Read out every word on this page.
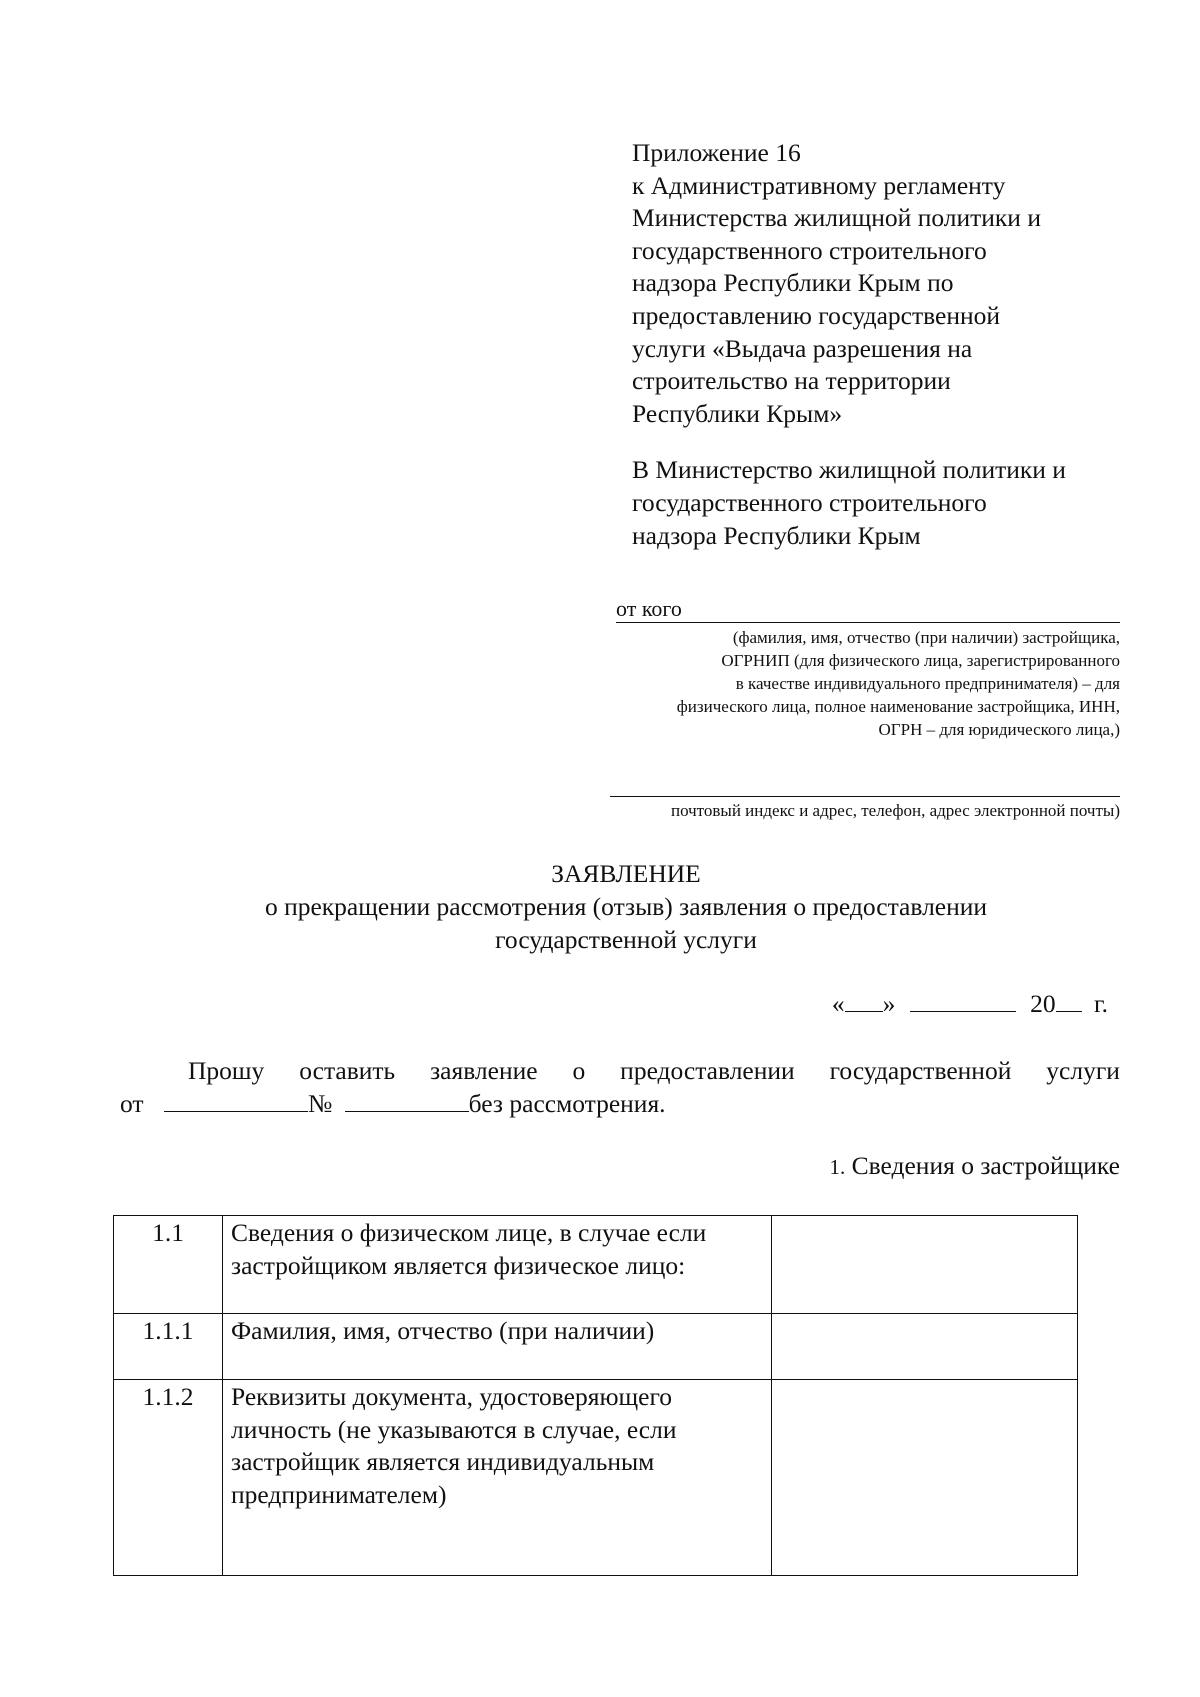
Приложение 16
к Административному регламенту
Министерства жилищной политики и
государственного строительного
надзора Республики Крым по
предоставлению государственной
услуги «Выдача разрешения на
строительство на территории
Республики Крым»
В Министерство жилищной политики и
государственного строительного
надзора Республики Крым
от кого
(фамилия, имя, отчество (при наличии) застройщика,
ОГРНИП (для физического лица, зарегистрированного
в качестве индивидуального предпринимателя) – для
физического лица, полное наименование застройщика, ИНН,
ОГРН – для юридического лица,)
почтовый индекс и адрес, телефон, адрес электронной почты)
ЗАЯВЛЕНИЕ
о прекращении рассмотрения (отзыв) заявления о предоставлении
государственной услуги
« »	20 г.
Прошу оставить заявление о предоставлении государственной услуги
от	№	без рассмотрения.
1. Сведения о застройщике
1.1	Сведения о физическом лице, в случае если застройщиком является физическое лицо:	
1.1.1	Фамилия, имя, отчество (при наличии)	
1.1.2	Реквизиты документа, удостоверяющего личность (не указываются в случае, если застройщик является индивидуальным предпринимателем)	
